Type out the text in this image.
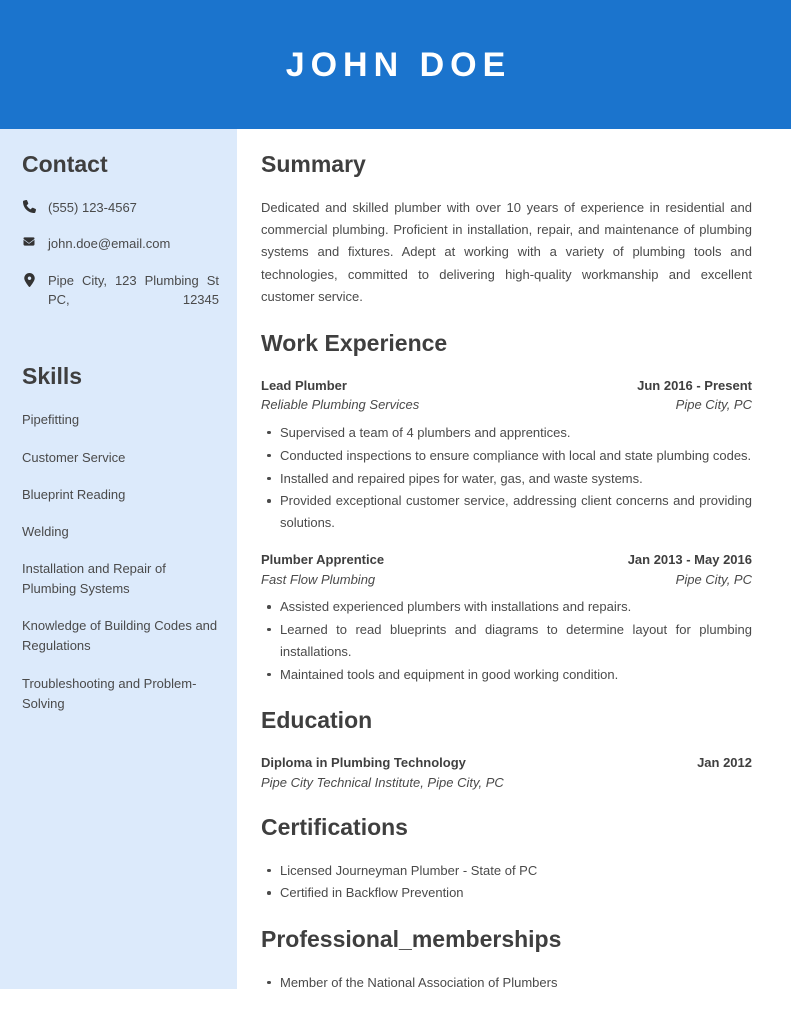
JOHN DOE
Contact
(555) 123-4567
john.doe@email.com
Pipe City, 123 Plumbing St PC, 12345
Skills
Pipefitting
Customer Service
Blueprint Reading
Welding
Installation and Repair of Plumbing Systems
Knowledge of Building Codes and Regulations
Troubleshooting and Problem-Solving
Summary

Dedicated and skilled plumber with over 10 years of experience in residential and commercial plumbing. Proficient in installation, repair, and maintenance of plumbing systems and fixtures. Adept at working with a variety of plumbing tools and technologies, committed to delivering high-quality workmanship and excellent customer service.

Work Experience
Lead Plumber	Jun 2016 - Present
Reliable Plumbing Services	Pipe City, PC
Supervised a team of 4 plumbers and apprentices.
Conducted inspections to ensure compliance with local and state plumbing codes.
Installed and repaired pipes for water, gas, and waste systems.
Provided exceptional customer service, addressing client concerns and providing solutions.
Plumber Apprentice	Jan 2013 - May 2016
Fast Flow Plumbing	Pipe City, PC
Assisted experienced plumbers with installations and repairs.
Learned to read blueprints and diagrams to determine layout for plumbing installations.
Maintained tools and equipment in good working condition.
Education
Diploma in Plumbing Technology	Jan 2012
Pipe City Technical Institute, Pipe City, PC
Certifications
Licensed Journeyman Plumber - State of PC
Certified in Backflow Prevention
Professional_memberships
Member of the National Association of Plumbers
